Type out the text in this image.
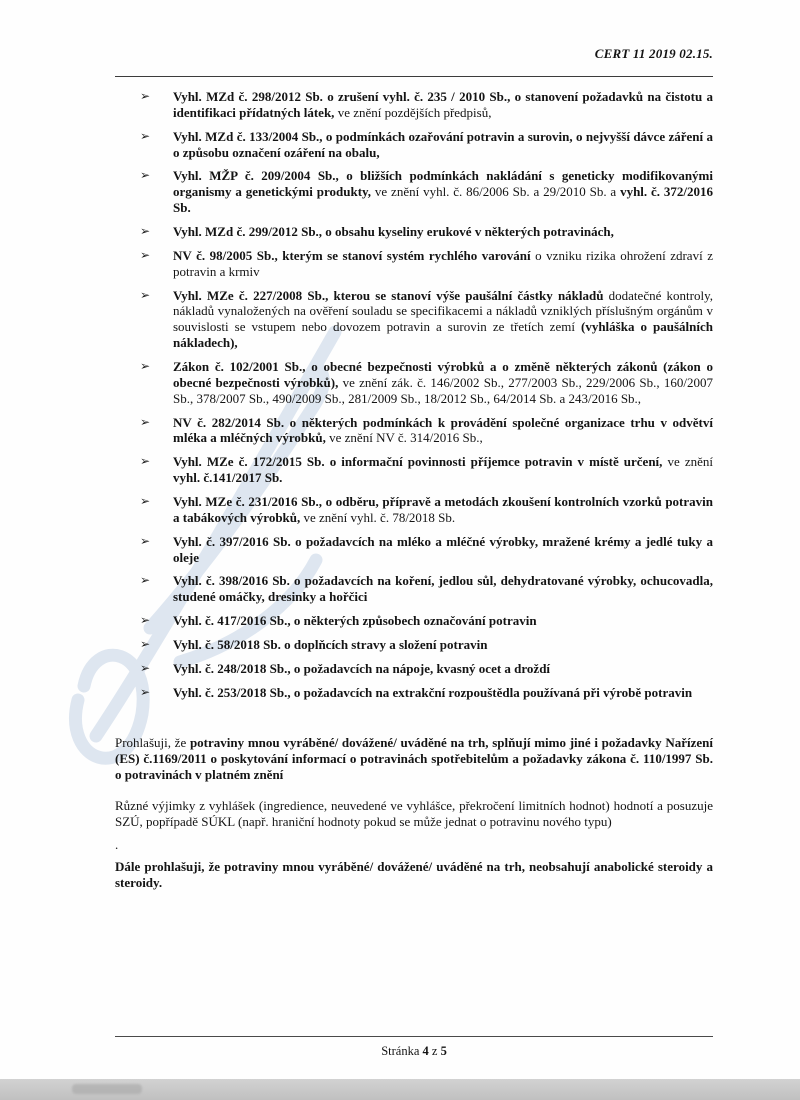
CERT 11 2019 02.15.
➢ Vyhl. MZd č. 298/2012 Sb. o zrušení vyhl. č. 235 / 2010 Sb., o stanovení požadavků na čistotu a identifikaci přídatných látek, ve znění pozdějších předpisů,
➢ Vyhl. MZd č. 133/2004 Sb., o podmínkách ozařování potravin a surovin, o nejvyšší dávce záření a o způsobu označení ozáření na obalu,
➢ Vyhl. MŽP č. 209/2004 Sb., o bližších podmínkách nakládání s geneticky modifikovanými organismy a genetickými produkty, ve znění vyhl. č. 86/2006 Sb. a 29/2010 Sb. a vyhl. č. 372/2016 Sb.
➢ Vyhl. MZd č. 299/2012 Sb., o obsahu kyseliny erukové v některých potravinách,
➢ NV č. 98/2005 Sb., kterým se stanoví systém rychlého varování o vzniku rizika ohrožení zdraví z potravin a krmiv
➢ Vyhl. MZe č. 227/2008 Sb., kterou se stanoví výše paušální částky nákladů dodatečné kontroly, nákladů vynaložených na ověření souladu se specifikacemi a nákladů vzniklých příslušným orgánům v souvislosti se vstupem nebo dovozem potravin a surovin ze třetích zemí (vyhláška o paušálních nákladech),
➢ Zákon č. 102/2001 Sb., o obecné bezpečnosti výrobků a o změně některých zákonů (zákon o obecné bezpečnosti výrobků), ve znění zák. č. 146/2002 Sb., 277/2003 Sb., 229/2006 Sb., 160/2007 Sb., 378/2007 Sb., 490/2009 Sb., 281/2009 Sb., 18/2012 Sb., 64/2014 Sb. a 243/2016 Sb.,
➢ NV č. 282/2014 Sb. o některých podmínkách k provádění společné organizace trhu v odvětví mléka a mléčných výrobků, ve znění NV č. 314/2016 Sb.,
➢ Vyhl. MZe č. 172/2015 Sb. o informační povinnosti příjemce potravin v místě určení, ve znění vyhl. č.141/2017 Sb.
➢ Vyhl. MZe č. 231/2016 Sb., o odběru, přípravě a metodách zkoušení kontrolních vzorků potravin a tabákových výrobků, ve znění vyhl. č. 78/2018 Sb.
➢ Vyhl. č. 397/2016 Sb. o požadavcích na mléko a mléčné výrobky, mražené krémy a jedlé tuky a oleje
➢ Vyhl. č. 398/2016 Sb. o požadavcích na koření, jedlou sůl, dehydratované výrobky, ochucovadla, studené omáčky, dresinky a hořčici
➢ Vyhl. č. 417/2016 Sb., o některých způsobech označování potravin
➢ Vyhl. č. 58/2018 Sb. o doplňcích stravy a složení potravin
➢ Vyhl. č. 248/2018 Sb., o požadavcích na nápoje, kvasný ocet a droždí
➢ Vyhl. č. 253/2018 Sb., o požadavcích na extrakční rozpouštědla používaná při výrobě potravin

Prohlašuji, že potraviny mnou vyráběné/ dovážené/ uváděné na trh, splňují mimo jiné i požadavky Nařízení (ES) č.1169/2011 o poskytování informací o potravinách spotřebitelům a požadavky zákona č. 110/1997 Sb. o potravinách v platném znění

Různé výjimky z vyhlášek (ingredience, neuvedené ve vyhlášce, překročení limitních hodnot) hodnotí a posuzuje SZÚ, popřípadě SÚKL (např. hraniční hodnoty pokud se může jednat o potravinu nového typu)

.

Dále prohlašuji, že potraviny mnou vyráběné/ dovážené/ uváděné na trh, neobsahují anabolické steroidy a steroidy.

Stránka 4 z 5
